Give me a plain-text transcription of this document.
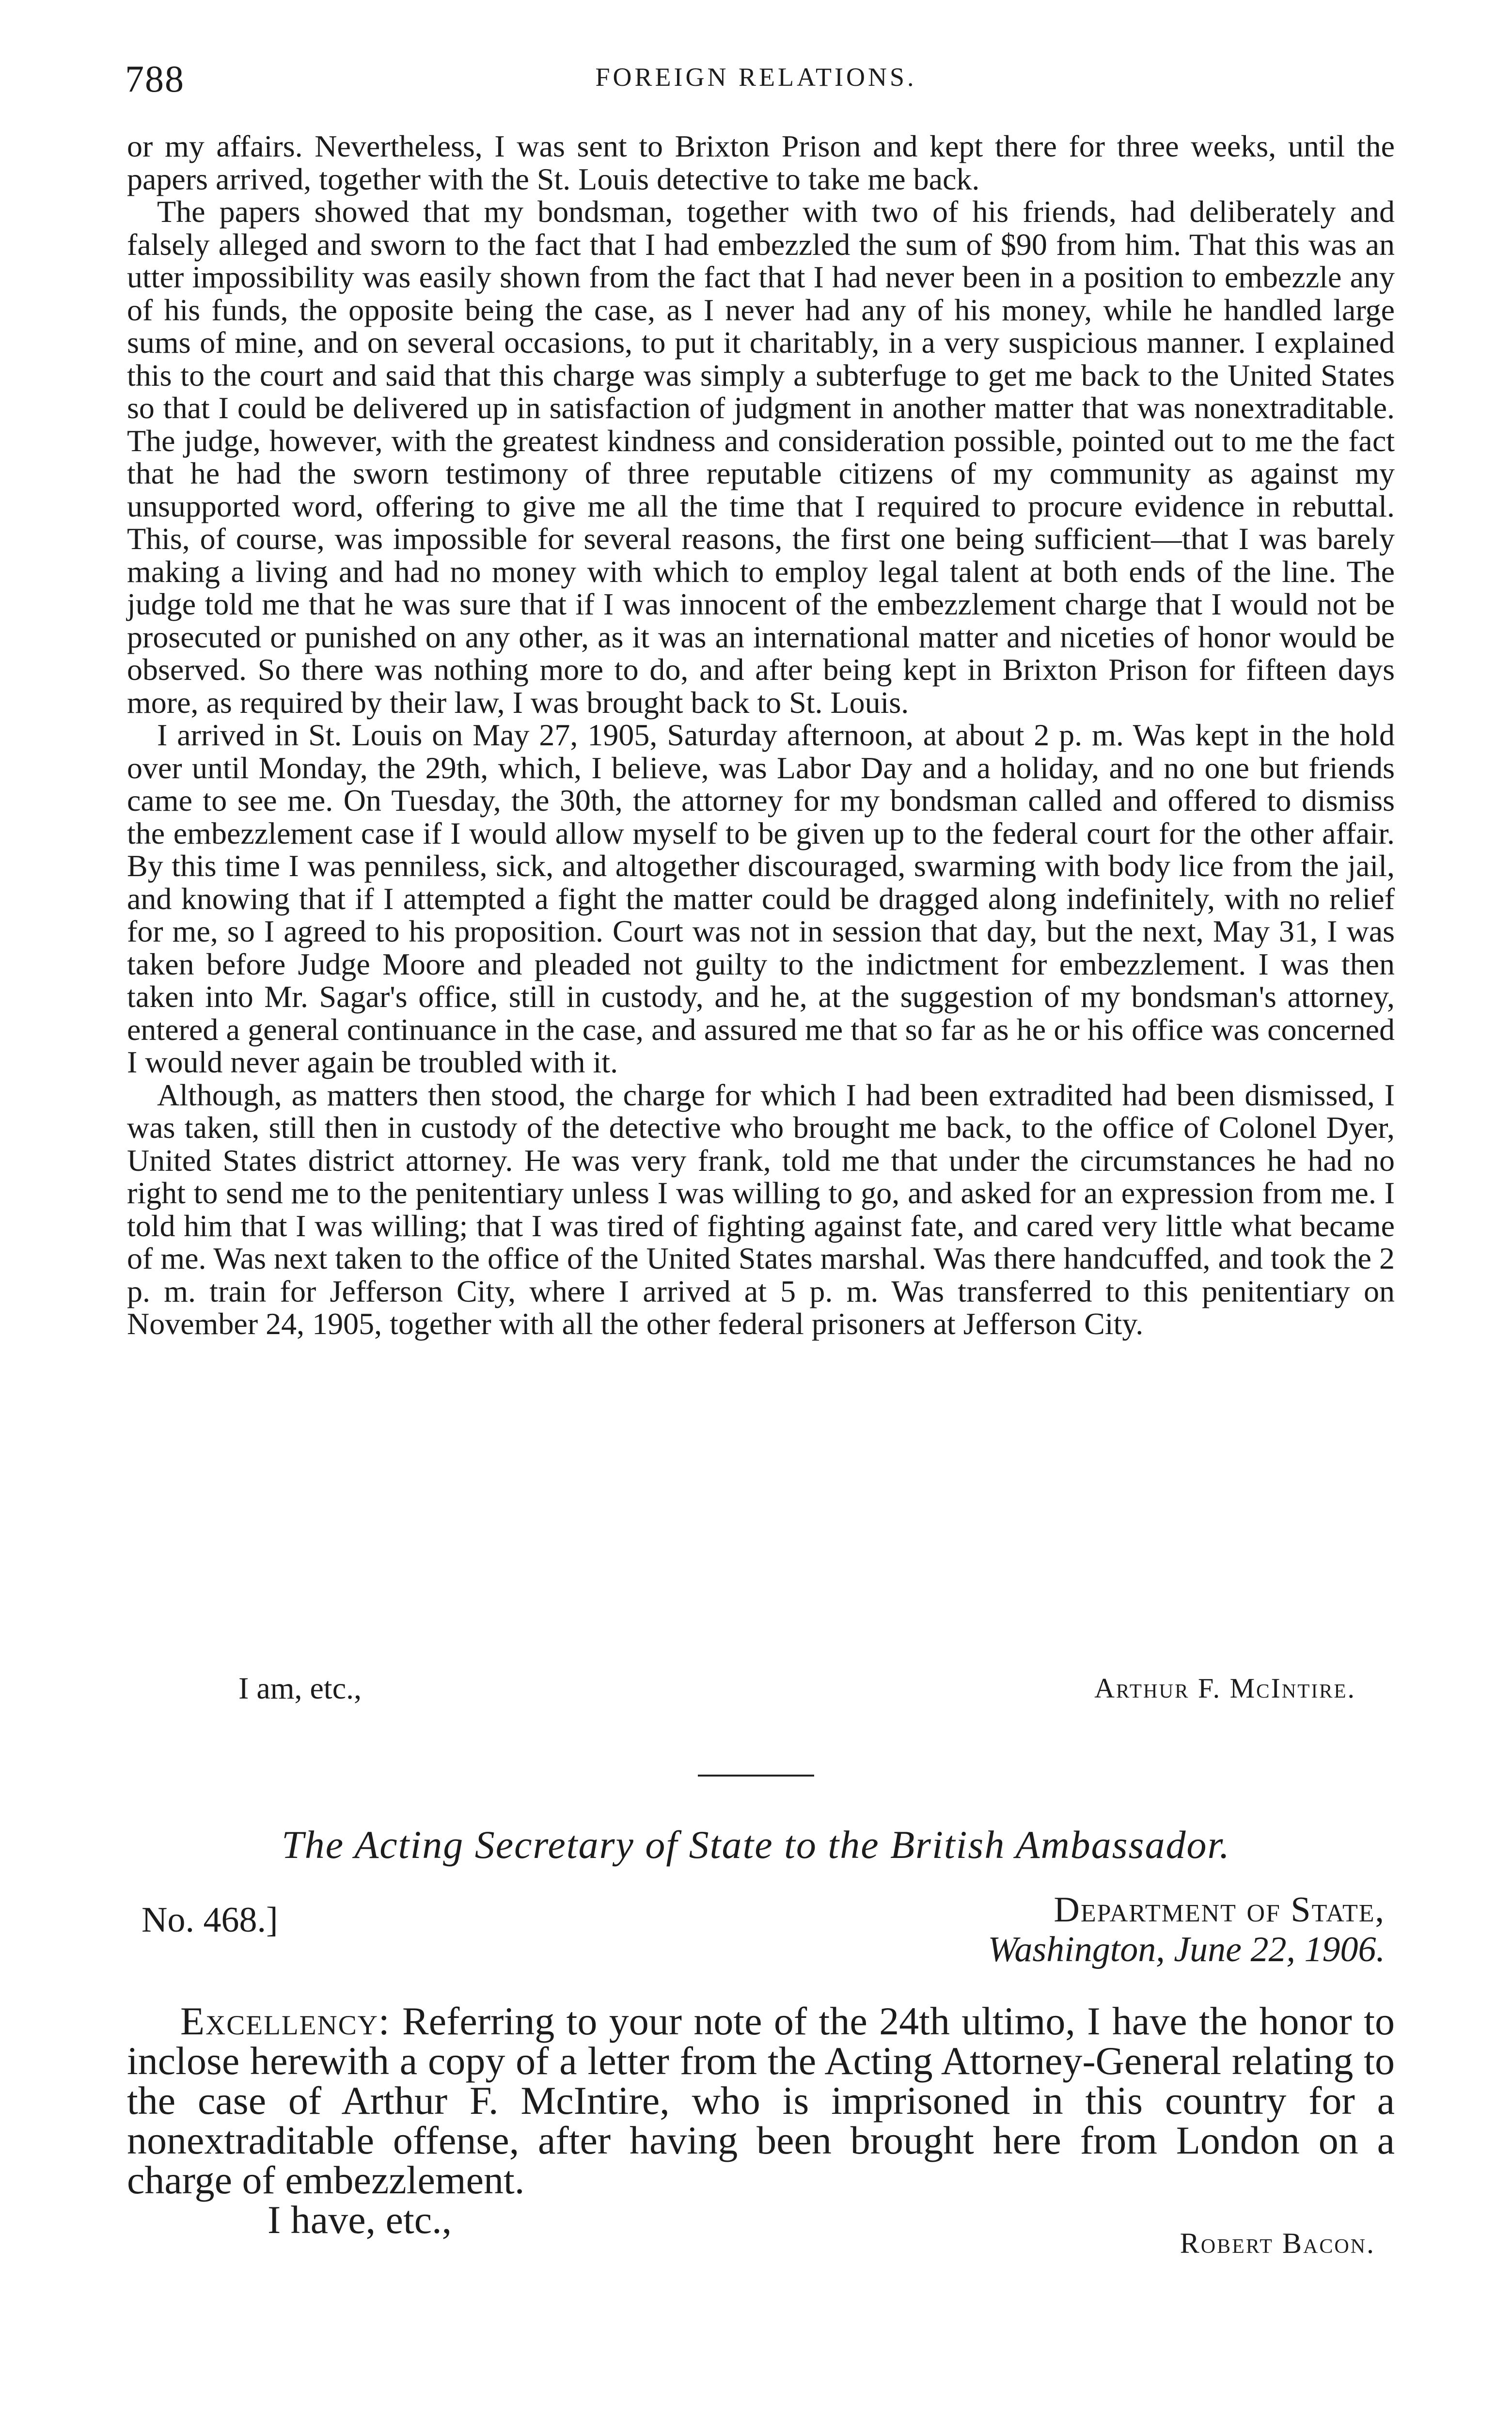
788	FOREIGN RELATIONS.

or my affairs. Nevertheless, I was sent to Brixton Prison and kept there for three weeks, until the papers arrived, together with the St. Louis detective to take me back.

The papers showed that my bondsman, together with two of his friends, had deliberately and falsely alleged and sworn to the fact that I had embezzled the sum of $90 from him. That this was an utter impossibility was easily shown from the fact that I had never been in a position to embezzle any of his funds, the opposite being the case, as I never had any of his money, while he handled large sums of mine, and on several occasions, to put it charitably, in a very suspicious manner. I explained this to the court and said that this charge was simply a subterfuge to get me back to the United States so that I could be delivered up in satisfaction of judgment in another matter that was nonextraditable. The judge, however, with the greatest kindness and consideration possible, pointed out to me the fact that he had the sworn testimony of three reputable citizens of my community as against my unsupported word, offering to give me all the time that I required to procure evidence in rebuttal. This, of course, was impossible for several reasons, the first one being sufficient—that I was barely making a living and had no money with which to employ legal talent at both ends of the line. The judge told me that he was sure that if I was innocent of the embezzlement charge that I would not be prosecuted or punished on any other, as it was an international matter and niceties of honor would be observed. So there was nothing more to do, and after being kept in Brixton Prison for fifteen days more, as required by their law, I was brought back to St. Louis.

I arrived in St. Louis on May 27, 1905, Saturday afternoon, at about 2 p. m. Was kept in the hold over until Monday, the 29th, which, I believe, was Labor Day and a holiday, and no one but friends came to see me. On Tuesday, the 30th, the attorney for my bondsman called and offered to dismiss the embezzlement case if I would allow myself to be given up to the federal court for the other affair. By this time I was penniless, sick, and altogether discouraged, swarming with body lice from the jail, and knowing that if I attempted a fight the matter could be dragged along indefinitely, with no relief for me, so I agreed to his proposition. Court was not in session that day, but the next, May 31, I was taken before Judge Moore and pleaded not guilty to the indictment for embezzlement. I was then taken into Mr. Sagar's office, still in custody, and he, at the suggestion of my bondsman's attorney, entered a general continuance in the case, and assured me that so far as he or his office was concerned I would never again be troubled with it.

Although, as matters then stood, the charge for which I had been extradited had been dismissed, I was taken, still then in custody of the detective who brought me back, to the office of Colonel Dyer, United States district attorney. He was very frank, told me that under the circumstances he had no right to send me to the penitentiary unless I was willing to go, and asked for an expression from me. I told him that I was willing; that I was tired of fighting against fate, and cared very little what became of me. Was next taken to the office of the United States marshal. Was there handcuffed, and took the 2 p. m. train for Jefferson City, where I arrived at 5 p. m. Was transferred to this penitentiary on November 24, 1905, together with all the other federal prisoners at Jefferson City.

I am, etc.,	Arthur F. McIntire.
The Acting Secretary of State to the British Ambassador.
No. 468.]	Department of State,
Washington, June 22, 1906.

Excellency: Referring to your note of the 24th ultimo, I have the honor to inclose herewith a copy of a letter from the Acting Attorney-General relating to the case of Arthur F. McIntire, who is imprisoned in this country for a nonextraditable offense, after having been brought here from London on a charge of embezzlement.

I have, etc.,
Robert Bacon.
